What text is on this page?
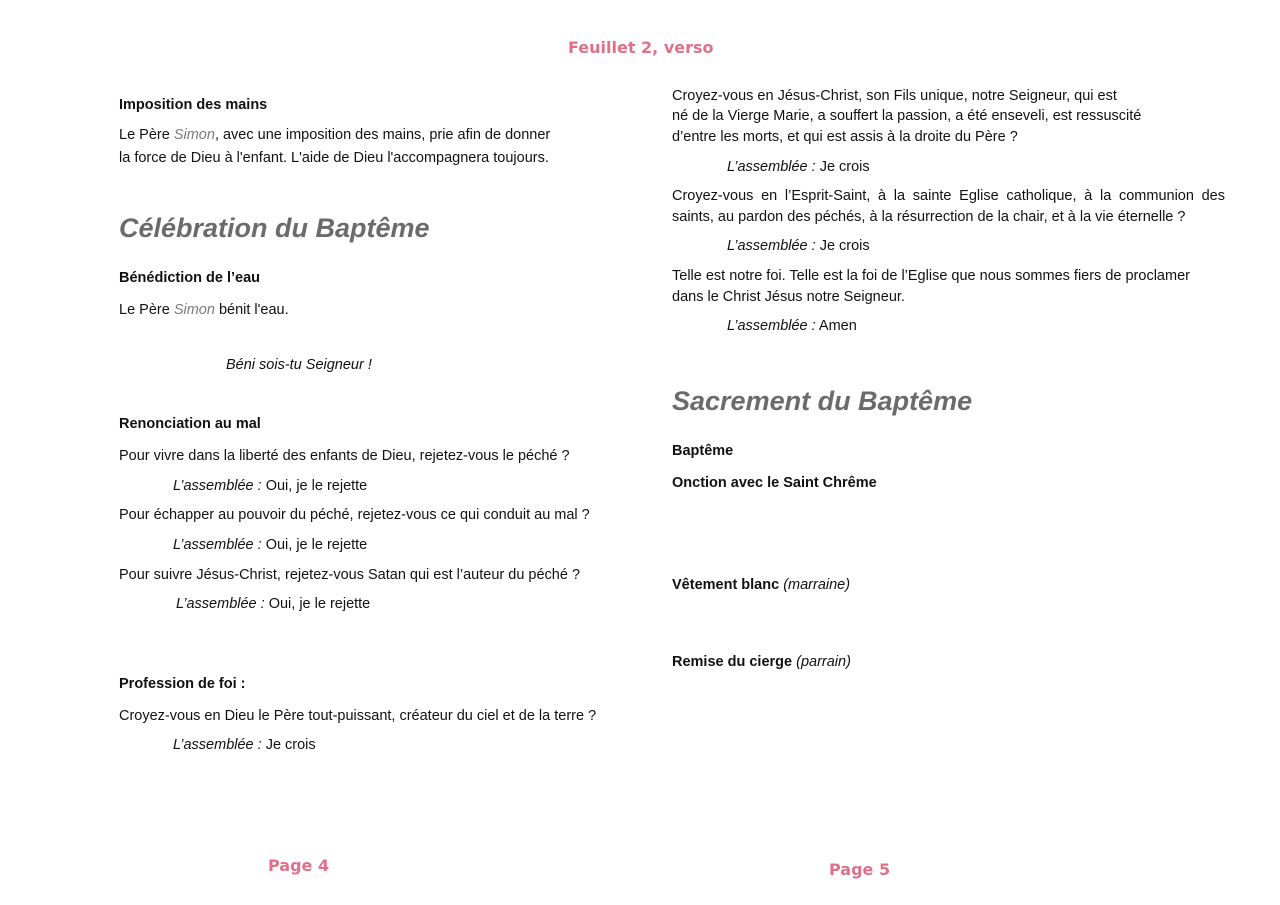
Feuillet 2, verso
Imposition des mains
Le Père Simon, avec une imposition des mains, prie afin de donner
la force de Dieu à l'enfant. L'aide de Dieu l'accompagnera toujours.
Célébration du Baptême
Bénédiction de l’eau
Le Père Simon bénit l'eau.
Béni sois-tu Seigneur !
Renonciation au mal
Pour vivre dans la liberté des enfants de Dieu, rejetez-vous le péché ?
L’assemblée : Oui, je le rejette
Pour échapper au pouvoir du péché, rejetez-vous ce qui conduit au mal ?
L’assemblée : Oui, je le rejette
Pour suivre Jésus-Christ, rejetez-vous Satan qui est l’auteur du péché ?
L’assemblée : Oui, je le rejette
Profession de foi :
Croyez-vous en Dieu le Père tout-puissant, créateur du ciel et de la terre ?
L’assemblée : Je crois
Page 4
Croyez-vous en Jésus-Christ, son Fils unique, notre Seigneur, qui est
né de la Vierge Marie, a souffert la passion, a été enseveli, est ressuscité
d’entre les morts, et qui est assis à la droite du Père ?
L’assemblée : Je crois
Croyez-vous en l’Esprit-Saint, à la sainte Eglise catholique, à la communion des
saints, au pardon des péchés, à la résurrection de la chair, et à la vie éternelle ?
L’assemblée : Je crois
Telle est notre foi. Telle est la foi de l’Eglise que nous sommes fiers de proclamer
dans le Christ Jésus notre Seigneur.
L’assemblée : Amen
Sacrement du Baptême
Baptême
Onction avec le Saint Chrême
Vêtement blanc (marraine)
Remise du cierge (parrain)
Page 5
